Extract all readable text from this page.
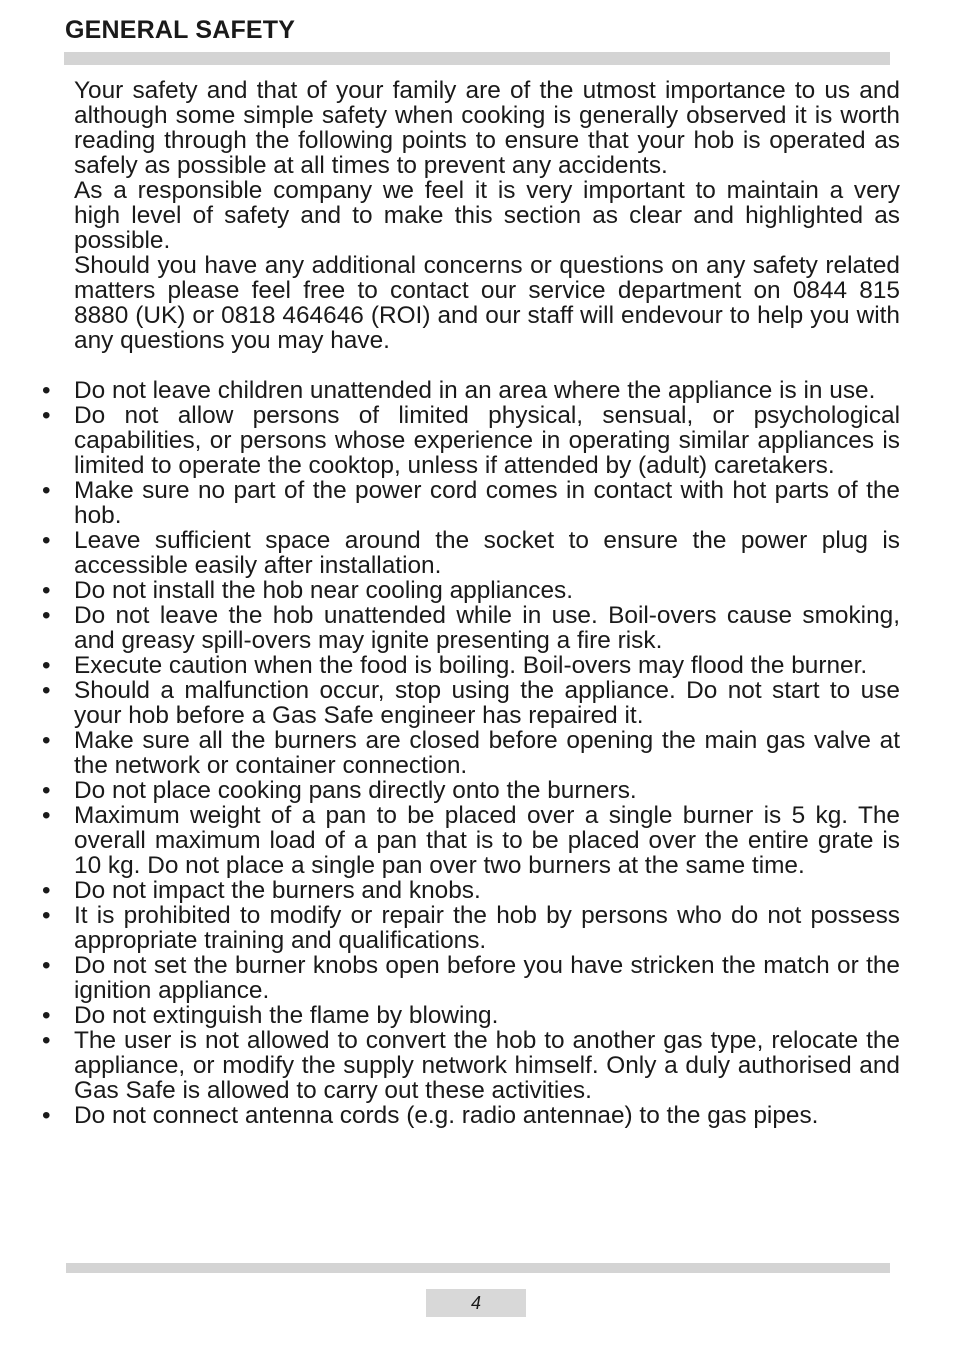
GENERAL SAFETY

Your safety and that of your family are of the utmost importance to us and although some simple safety when cooking is generally observed it is worth reading through the following points to ensure that your hob is operated as safely as possible at all times to prevent any accidents.

As a responsible company we feel it is very important to maintain a very high level of safety and to make this section as clear and highlighted as possible.

Should you have any additional concerns or questions on any safety related matters please feel free to contact our service department on 0844 815 8880 (UK) or 0818 464646 (ROI) and our staff will endevour to help you with any questions you may have.

• Do not leave children unattended in an area where the appliance is in use.
• Do not allow persons of limited physical, sensual, or psychological capabilities, or persons whose experience in operating similar appliances is limited to operate the cooktop, unless if attended by (adult) caretakers.
• Make sure no part of the power cord comes in contact with hot parts of the hob.
• Leave sufficient space around the socket to ensure the power plug is accessible easily after installation.
• Do not install the hob near cooling appliances.
• Do not leave the hob unattended while in use. Boil-overs cause smoking, and greasy spill-overs may ignite presenting a fire risk.
• Execute caution when the food is boiling. Boil-overs may flood the burner.
• Should a malfunction occur, stop using the appliance. Do not start to use your hob before a Gas Safe engineer has repaired it.
• Make sure all the burners are closed before opening the main gas valve at the network or container connection.
• Do not place cooking pans directly onto the burners.
• Maximum weight of a pan to be placed over a single burner is 5 kg. The overall maximum load of a pan that is to be placed over the entire grate is 10 kg. Do not place a single pan over two burners at the same time.
• Do not impact the burners and knobs.
• It is prohibited to modify or repair the hob by persons who do not possess appropriate training and qualifications.
• Do not set the burner knobs open before you have stricken the match or the ignition appliance.
• Do not extinguish the flame by blowing.
• The user is not allowed to convert the hob to another gas type, relocate the appliance, or modify the supply network himself. Only a duly authorised and Gas Safe is allowed to carry out these activities.
• Do not connect antenna cords (e.g. radio antennae) to the gas pipes.
4
